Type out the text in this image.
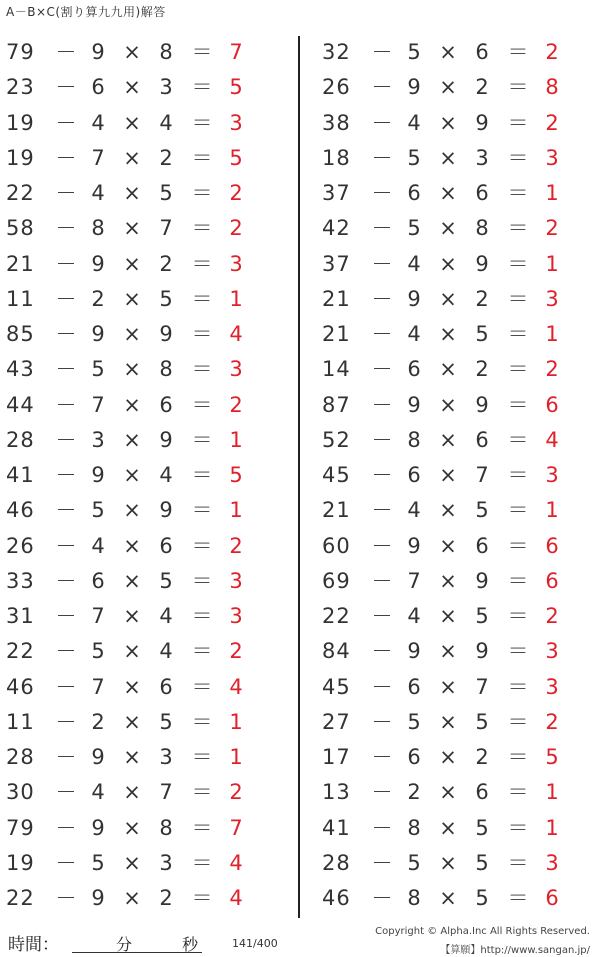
A－B×C(割り算九九用)解答
79 － 9 × 8 ＝ 7
23 － 6 × 3 ＝ 5
19 － 4 × 4 ＝ 3
19 － 7 × 2 ＝ 5
22 － 4 × 5 ＝ 2
58 － 8 × 7 ＝ 2
21 － 9 × 2 ＝ 3
11 － 2 × 5 ＝ 1
85 － 9 × 9 ＝ 4
43 － 5 × 8 ＝ 3
44 － 7 × 6 ＝ 2
28 － 3 × 9 ＝ 1
41 － 9 × 4 ＝ 5
46 － 5 × 9 ＝ 1
26 － 4 × 6 ＝ 2
33 － 6 × 5 ＝ 3
31 － 7 × 4 ＝ 3
22 － 5 × 4 ＝ 2
46 － 7 × 6 ＝ 4
11 － 2 × 5 ＝ 1
28 － 9 × 3 ＝ 1
30 － 4 × 7 ＝ 2
79 － 9 × 8 ＝ 7
19 － 5 × 3 ＝ 4
22 － 9 × 2 ＝ 4
32 － 5 × 6 ＝ 2
26 － 9 × 2 ＝ 8
38 － 4 × 9 ＝ 2
18 － 5 × 3 ＝ 3
37 － 6 × 6 ＝ 1
42 － 5 × 8 ＝ 2
37 － 4 × 9 ＝ 1
21 － 9 × 2 ＝ 3
21 － 4 × 5 ＝ 1
14 － 6 × 2 ＝ 2
87 － 9 × 9 ＝ 6
52 － 8 × 6 ＝ 4
45 － 6 × 7 ＝ 3
21 － 4 × 5 ＝ 1
60 － 9 × 6 ＝ 6
69 － 7 × 9 ＝ 6
22 － 4 × 5 ＝ 2
84 － 9 × 9 ＝ 3
45 － 6 × 7 ＝ 3
27 － 5 × 5 ＝ 2
17 － 6 × 2 ＝ 5
13 － 2 × 6 ＝ 1
41 － 8 × 5 ＝ 1
28 － 5 × 5 ＝ 3
46 － 8 × 5 ＝ 6
時間：	分	秒	141/400
Copyright © Alpha.Inc All Rights Reserved.
【算願】http://www.sangan.jp/
